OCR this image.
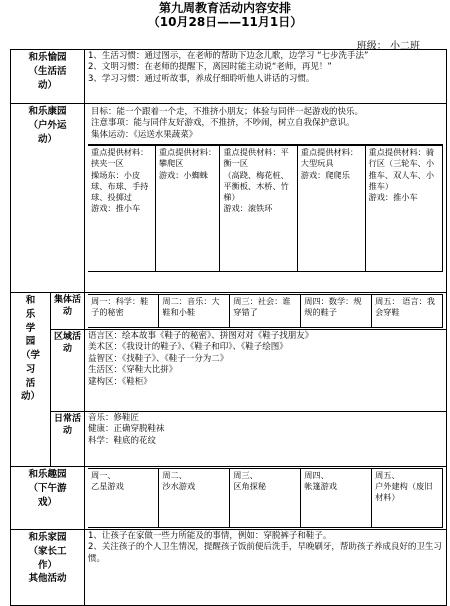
第九周教育活动内容安排
（10月28日——11月1日）
班级： 小二班
和乐愉园
（生活活
动）

1、生活习惯：通过图示，在老师的帮助下边念儿歌，边学习 “七步洗手法”
2、文明习惯：在老师的提醒下，离园时能主动说“老师，再见！”
3、学习习惯：通过听故事，养成仔细聆听他人讲话的习惯。

和乐康园
（户外运
动）

目标：能一个跟着一个走，不推挤小朋友；体验与同伴一起游戏的快乐。
注意事项：能与同伴友好游戏，不推挤，不吵闹，树立自我保护意识。
集体运动：《运送水果蔬菜》
重点提供材料：挟夹一区
操场东：小皮球、布球、手持球、投掷过
游戏：推小车	重点提供材料：攀爬区
游戏：小蜘蛛	重点提供材料：平衡一区
（高跷、梅花桩、平衡板、木桥、竹梯）
游戏：滚铁环	重点提供材料：大型玩具
游戏：爬爬乐	重点提供材料：骑行区（三轮车、小推车、双人车、小推车）
游戏：推小车

和
乐
学
园
（学
习
活
动）
	集体活动	
周一：科学：鞋子的秘密	周二：音乐：大鞋和小鞋	周三：社会：谁穿错了	周四：数学：规规的鞋子	周五： 语言：我会穿鞋

区域活动	
语言区：绘本故事《鞋子的秘密》、拼图对对《鞋子找朋友》
美术区：《我设计的鞋子》、《鞋子和印》、《鞋子绘图》
益智区：《找鞋子》、《鞋子一分为二》
生活区：《穿鞋大比拼》
建构区：《鞋柜》

日常活动	
音乐：修鞋匠
健康：正确穿脱鞋袜
科学：鞋底的花纹

和乐趣园
（下午游
戏）

周一、
乙星游戏	周二、
沙水游戏	周三、
区角探秘	周四、
帐篷游戏	周五、
户外建构（废旧材料）

和乐家园
（家长工
作）
其他活动

1、让孩子在家做一些力所能及的事情，例如：穿脱裤子和鞋子。
2、关注孩子的个人卫生情况，提醒孩子饭前便后洗手，早晚刷牙，帮助孩子养成良好的卫生习惯。
